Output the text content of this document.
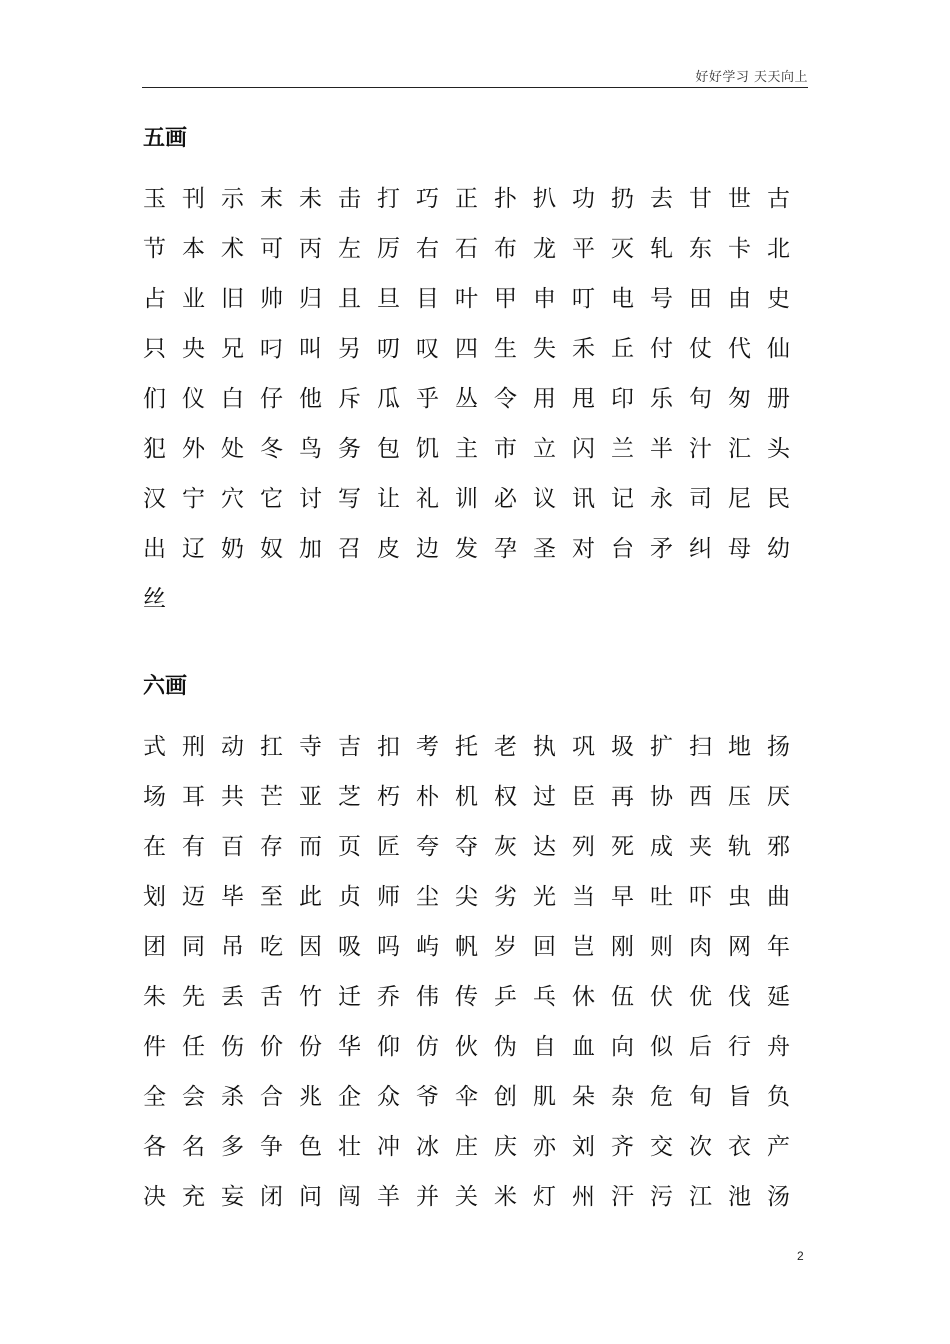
好好学习 天天向上
五画
玉刊示末未击打巧正扑扒功扔去甘世古
节本术可丙左厉右石布龙平灭轧东卡北
占业旧帅归且旦目叶甲申叮电号田由史
只央兄叼叫另叨叹四生失禾丘付仗代仙
们仪白仔他斥瓜乎丛令用甩印乐句匆册
犯外处冬鸟务包饥主市立闪兰半汁汇头
汉宁穴它讨写让礼训必议讯记永司尼民
出辽奶奴加召皮边发孕圣对台矛纠母幼
丝
六画
式刑动扛寺吉扣考托老执巩圾扩扫地扬
场耳共芒亚芝朽朴机权过臣再协西压厌
在有百存而页匠夸夺灰达列死成夹轨邪
划迈毕至此贞师尘尖劣光当早吐吓虫曲
团同吊吃因吸吗屿帆岁回岂刚则肉网年
朱先丢舌竹迁乔伟传乒乓休伍伏优伐延
件任伤价份华仰仿伙伪自血向似后行舟
全会杀合兆企众爷伞创肌朵杂危旬旨负
各名多争色壮冲冰庄庆亦刘齐交次衣产
决充妄闭问闯羊并关米灯州汗污江池汤
2
